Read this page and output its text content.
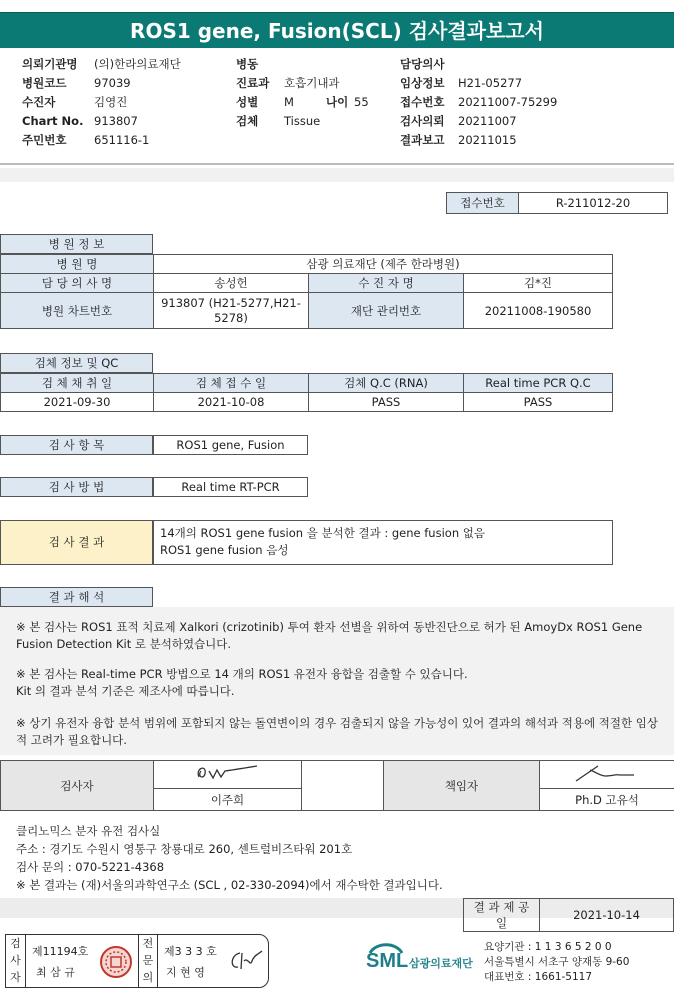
ROS1 gene, Fusion(SCL) 검사결과보고서
의뢰기관명 (의)한라의료재단
병원코드 97039
수진자	김영진
Chart No. 913807
주민번호 651116-1
병동
진료과 호흡기내과
성별 M	나이 55
검체 Tissue
담당의사
임상정보 H21-05277
접수번호 20211007-75299
검사의뢰 20211007
결과보고 20211015
접수번호	R-211012-20
병 원 정 보
병 원 명	삼광 의료재단 (제주 한라병원)		
담 당 의 사 명	송성헌	수 진 자 명	김*진
병원 차트번호	913807 (H21-5277,H21-5278)	재단 관리번호	20211008-190580
검체 정보 및 QC
검 체 채 취 일	검 체 접 수 일	검체 Q.C (RNA)	Real time PCR Q.C
2021-09-30	2021-10-08	PASS	PASS
검 사 항 목	ROS1 gene, Fusion
검 사 방 법	Real time RT-PCR
검 사 결 과
14개의 ROS1 gene fusion 을 분석한 결과 : gene fusion 없음
ROS1 gene fusion 음성
결 과 해 석
※ 본 검사는 ROS1 표적 치료제 Xalkori (crizotinib) 투여 환자 선별을 위하여 동반진단으로 허가 된 AmoyDx ROS1 Gene
Fusion Detection Kit 로 분석하였습니다.
※ 본 검사는 Real-time PCR 방법으로 14 개의 ROS1 유전자 융합을 검출할 수 있습니다.
Kit 의 결과 분석 기준은 제조사에 따릅니다.
※ 상기 유전자 융합 분석 범위에 포함되지 않는 돌연변이의 경우 검출되지 않을 가능성이 있어 결과의 해석과 적용에 적절한 임상
적 고려가 필요합니다.
검사자			책임자	
	이주희			Ph.D 고유석
클리노믹스 분자 유전 검사실
주소 : 경기도 수원시 영통구 창룡대로 260, 센트럴비즈타워 201호
검사 문의 : 070-5221-4368
※ 본 결과는 (재)서울의과학연구소 (SCL , 02-330-2094)에서 재수탁한 결과입니다.
결 과 제 공 일	2021-10-14
검사자
제11194호
최 삼 규
전문의
제3 3 3 호
지 현 영
SML 삼광의료재단
요양기관 : 1 1 3 6 5 2 0 0
서울특별시 서초구 양재동 9-60
대표번호 : 1661-5117
